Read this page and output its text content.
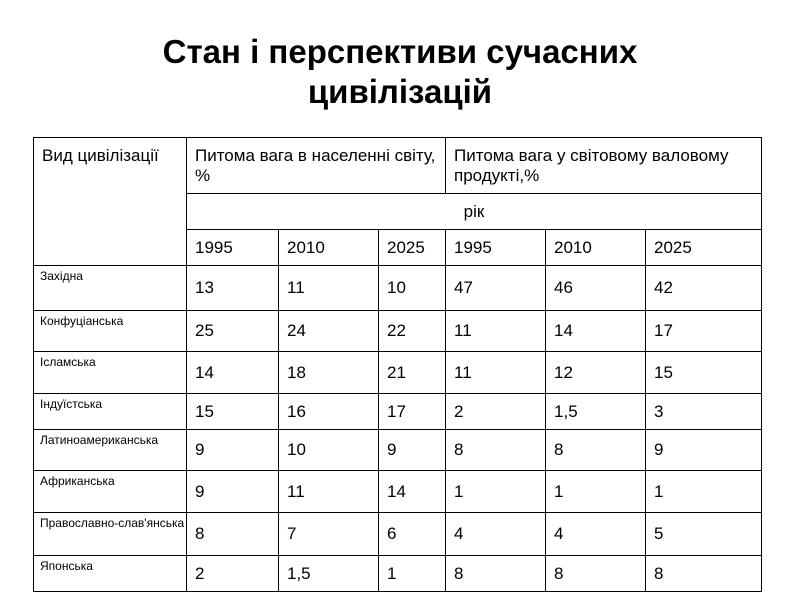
Стан і перспективи сучасних
цивілізацій
Вид цивілізації	Питома вага в населенні світу, %			Питома вага у світовому валовому продукті,%		
	рік					
	1995	2010	2025	1995	2010	2025
Західна	13	11	10	47	46	42
Конфуціанська	25	24	22	11	14	17
Ісламська	14	18	21	11	12	15
Індуїстська	15	16	17	2	1,5	3
Латиноамериканська	9	10	9	8	8	9
Африканська	9	11	14	1	1	1
Православно-слав'янська	8	7	6	4	4	5
Японська	2	1,5	1	8	8	8
